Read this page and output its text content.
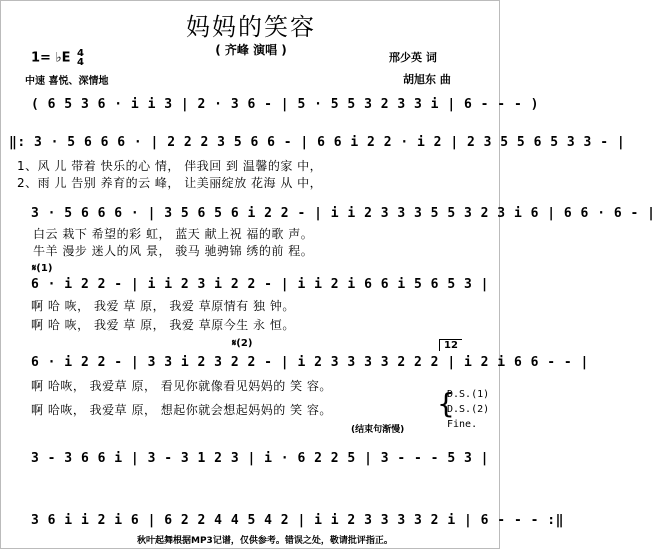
妈妈的笑容
( 齐峰 演唱 )
1= ♭E 4
4
中速 喜悦、深情地
邢少英 词
胡旭东 曲
( 6 5 3 6 · i i 3 | 2 · 3 6 - | 5 · 5 5 3 2 3 3 i | 6 - - - )
‖: 3 · 5 6 6 6 · | 2 2 2 3 5 6 6 - | 6 6 i 2 2 · i 2 | 2 3 5 5 6 5 3 3 - |
1、风 儿 带着 快乐的心 情， 伴我回 到 温馨的家 中，
2、雨 儿 告别 养育的云 峰， 让美丽绽放 花海 从 中，
3 · 5 6 6 6 · | 3 5 6 5 6 i 2 2 - | i i 2 3 3 3 5 5 3 2 3 i 6 | 6 6 · 6 - |
白云 栽下 希望的彩 虹， 蓝天 献上祝 福的歌 声。
牛羊 漫步 迷人的风 景， 骏马 驰骋锦 绣的前 程。
𝄋(1)
6 · i 2 2 - | i i 2 3 i 2 2 - | i i 2 i 6 6 i 5 6 5 3 |
啊 哈 咴， 我爱 草 原， 我爱 草原情有 独 钟。
啊 哈 咴， 我爱 草 原， 我爱 草原今生 永 恒。
𝄋(2)	12
6 · i 2 2 - | 3 3 i 2 3 2 2 - | i 2 3 3 3 3 2 2 2 | i 2 i 6 6 - - |
啊 哈咴， 我爱草 原， 看见你就像看见妈妈的 笑 容。
啊 哈咴， 我爱草 原， 想起你就会想起妈妈的 笑 容。	{
D.S.(1)
D.S.(2)
Fine.
(结束句渐慢)
3 - 3 6 6 i | 3 - 3 1 2 3 | i · 6 2 2 5 | 3 - - - 5 3 |
3 6 i i 2 i 6 | 6 2 2 4 4 5 4 2 | i i 2 3 3 3 3 2 i | 6 - - - :‖
秋叶起舞根据MP3记谱，仅供参考。错误之处，敬请批评指正。
